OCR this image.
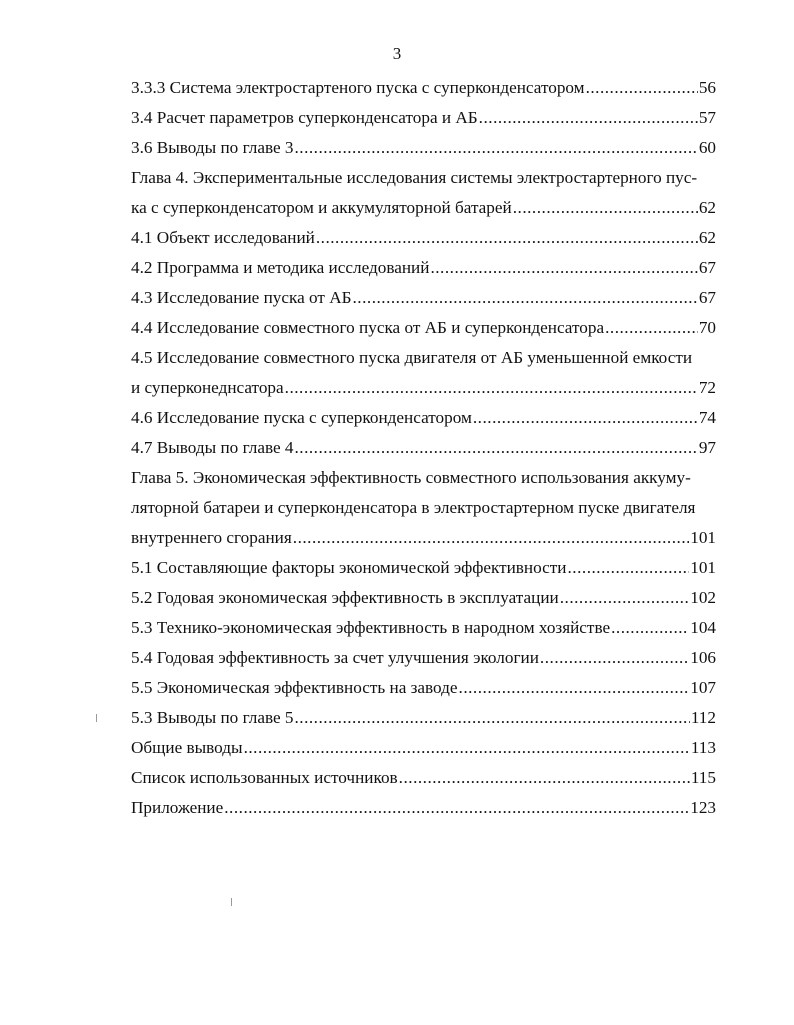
3
3.3.3 Система электростартеного пуска с суперконденсатором .....	56
3.4 Расчет параметров суперконденсатора и АБ .....	57
3.6 Выводы по главе 3 .....	60
Глава 4. Экспериментальные исследования системы электростартерного пус-
ка с суперконденсатором и аккумуляторной батарей .....	62
4.1 Объект исследований .....	62
4.2 Программа и методика исследований .....	67
4.3 Исследование пуска от АБ .....	67
4.4 Исследование совместного пуска от АБ и суперконденсатора .....	70
4.5 Исследование совместного пуска двигателя от АБ уменьшенной емкости
и суперконеднсатора .....	72
4.6 Исследование пуска с суперконденсатором .....	74
4.7 Выводы по главе 4 .....	97
Глава 5. Экономическая эффективность совместного использования аккуму-
ляторной батареи и суперконденсатора в электростартерном пуске двигателя
внутреннего сгорания .....	101
5.1 Составляющие факторы экономической эффективности .....	101
5.2 Годовая экономическая эффективность в эксплуатации .....	102
5.3 Технико-экономическая эффективность в народном хозяйстве .....	104
5.4 Годовая эффективность за счет улучшения экологии .....	106
5.5 Экономическая эффективность на заводе .....	107
5.3 Выводы по главе 5 .....	112
Общие выводы .....	113
Список использованных источников .....	115
Приложение .....	123
